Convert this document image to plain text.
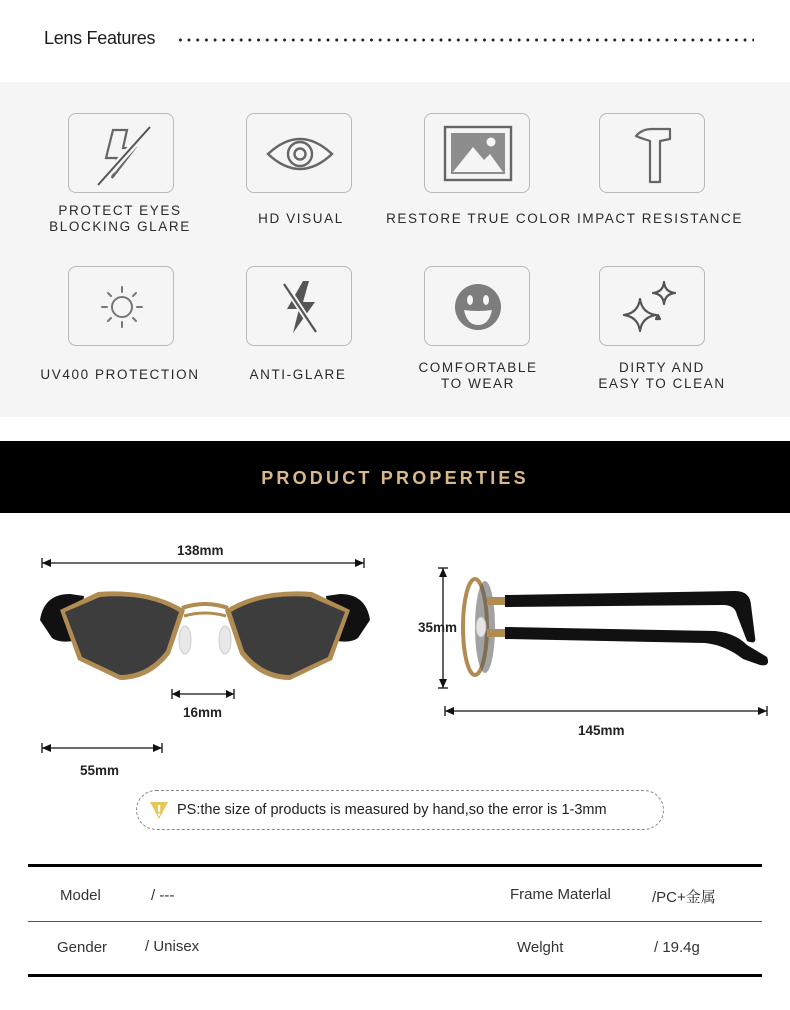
Lens Features
PROTECT EYES
BLOCKING GLARE	HD VISUAL	RESTORE TRUE COLOR IMPACT RESISTANCE
UV400 PROTECTION	ANTI-GLARE	COMFORTABLE
TO WEAR
DIRTY AND
EASY TO CLEAN
PRODUCT PROPERTIES
138mm
16mm
55mm
35mm
145mm
PS:the size of products is measured by hand,so the error is 1-3mm
Model	/ ---	Frame Materlal	/PC+金属
Gender	/ Unisex	Welght	/ 19.4g
